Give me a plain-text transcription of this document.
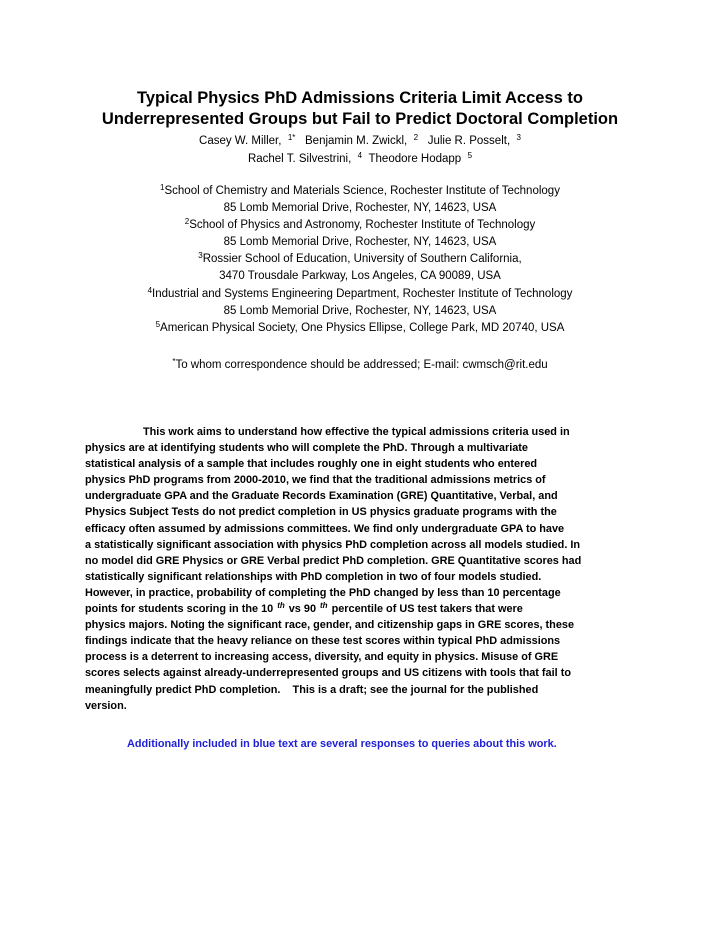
Typical Physics PhD Admissions Criteria Limit Access to
Underrepresented Groups but Fail to Predict Doctoral Completion
Casey W. Miller, $^{1*}$ Benjamin M. Zwickl, $^2$ Julie R. Posselt, $^3$
Rachel T. Silvestrini, $^4$ Theodore Hodapp $^5$
$^1$School of Chemistry and Materials Science, Rochester Institute of Technology
85 Lomb Memorial Drive, Rochester, NY, 14623, USA
$^2$School of Physics and Astronomy, Rochester Institute of Technology
85 Lomb Memorial Drive, Rochester, NY, 14623, USA
$^3$Rossier School of Education, University of Southern California,
3470 Trousdale Parkway, Los Angeles, CA 90089, USA
$^4$Industrial and Systems Engineering Department, Rochester Institute of Technology
85 Lomb Memorial Drive, Rochester, NY, 14623, USA
$^5$American Physical Society, One Physics Ellipse, College Park, MD 20740, USA
*To whom correspondence should be addressed; E-mail: cwmsch@rit.edu
This work aims to understand how effective the typical admissions criteria used in
physics are at identifying students who will complete the PhD. Through a multivariate
statistical analysis of a sample that includes roughly one in eight students who entered
physics PhD programs from 2000-2010, we find that the traditional admissions metrics of
undergraduate GPA and the Graduate Records Examination (GRE) Quantitative, Verbal, and
Physics Subject Tests do not predict completion in US physics graduate programs with the
efficacy often assumed by admissions committees. We find only undergraduate GPA to have
a statistically significant association with physics PhD completion across all models studied. In
no model did GRE Physics or GRE Verbal predict PhD completion. GRE Quantitative scores had
statistically significant relationships with PhD completion in two of four models studied.
However, in practice, probability of completing the PhD changed by less than 10 percentage
points for students scoring in the 10 $^{th}$ vs 90 $^{th}$ percentile of US test takers that were
physics majors. Noting the significant race, gender, and citizenship gaps in GRE scores, these
findings indicate that the heavy reliance on these test scores within typical PhD admissions
process is a deterrent to increasing access, diversity, and equity in physics. Misuse of GRE
scores selects against already-underrepresented groups and US citizens with tools that fail to
meaningfully predict PhD completion.    This is a draft; see the journal for the published
version.
Additionally included in blue text are several responses to queries about this work.
